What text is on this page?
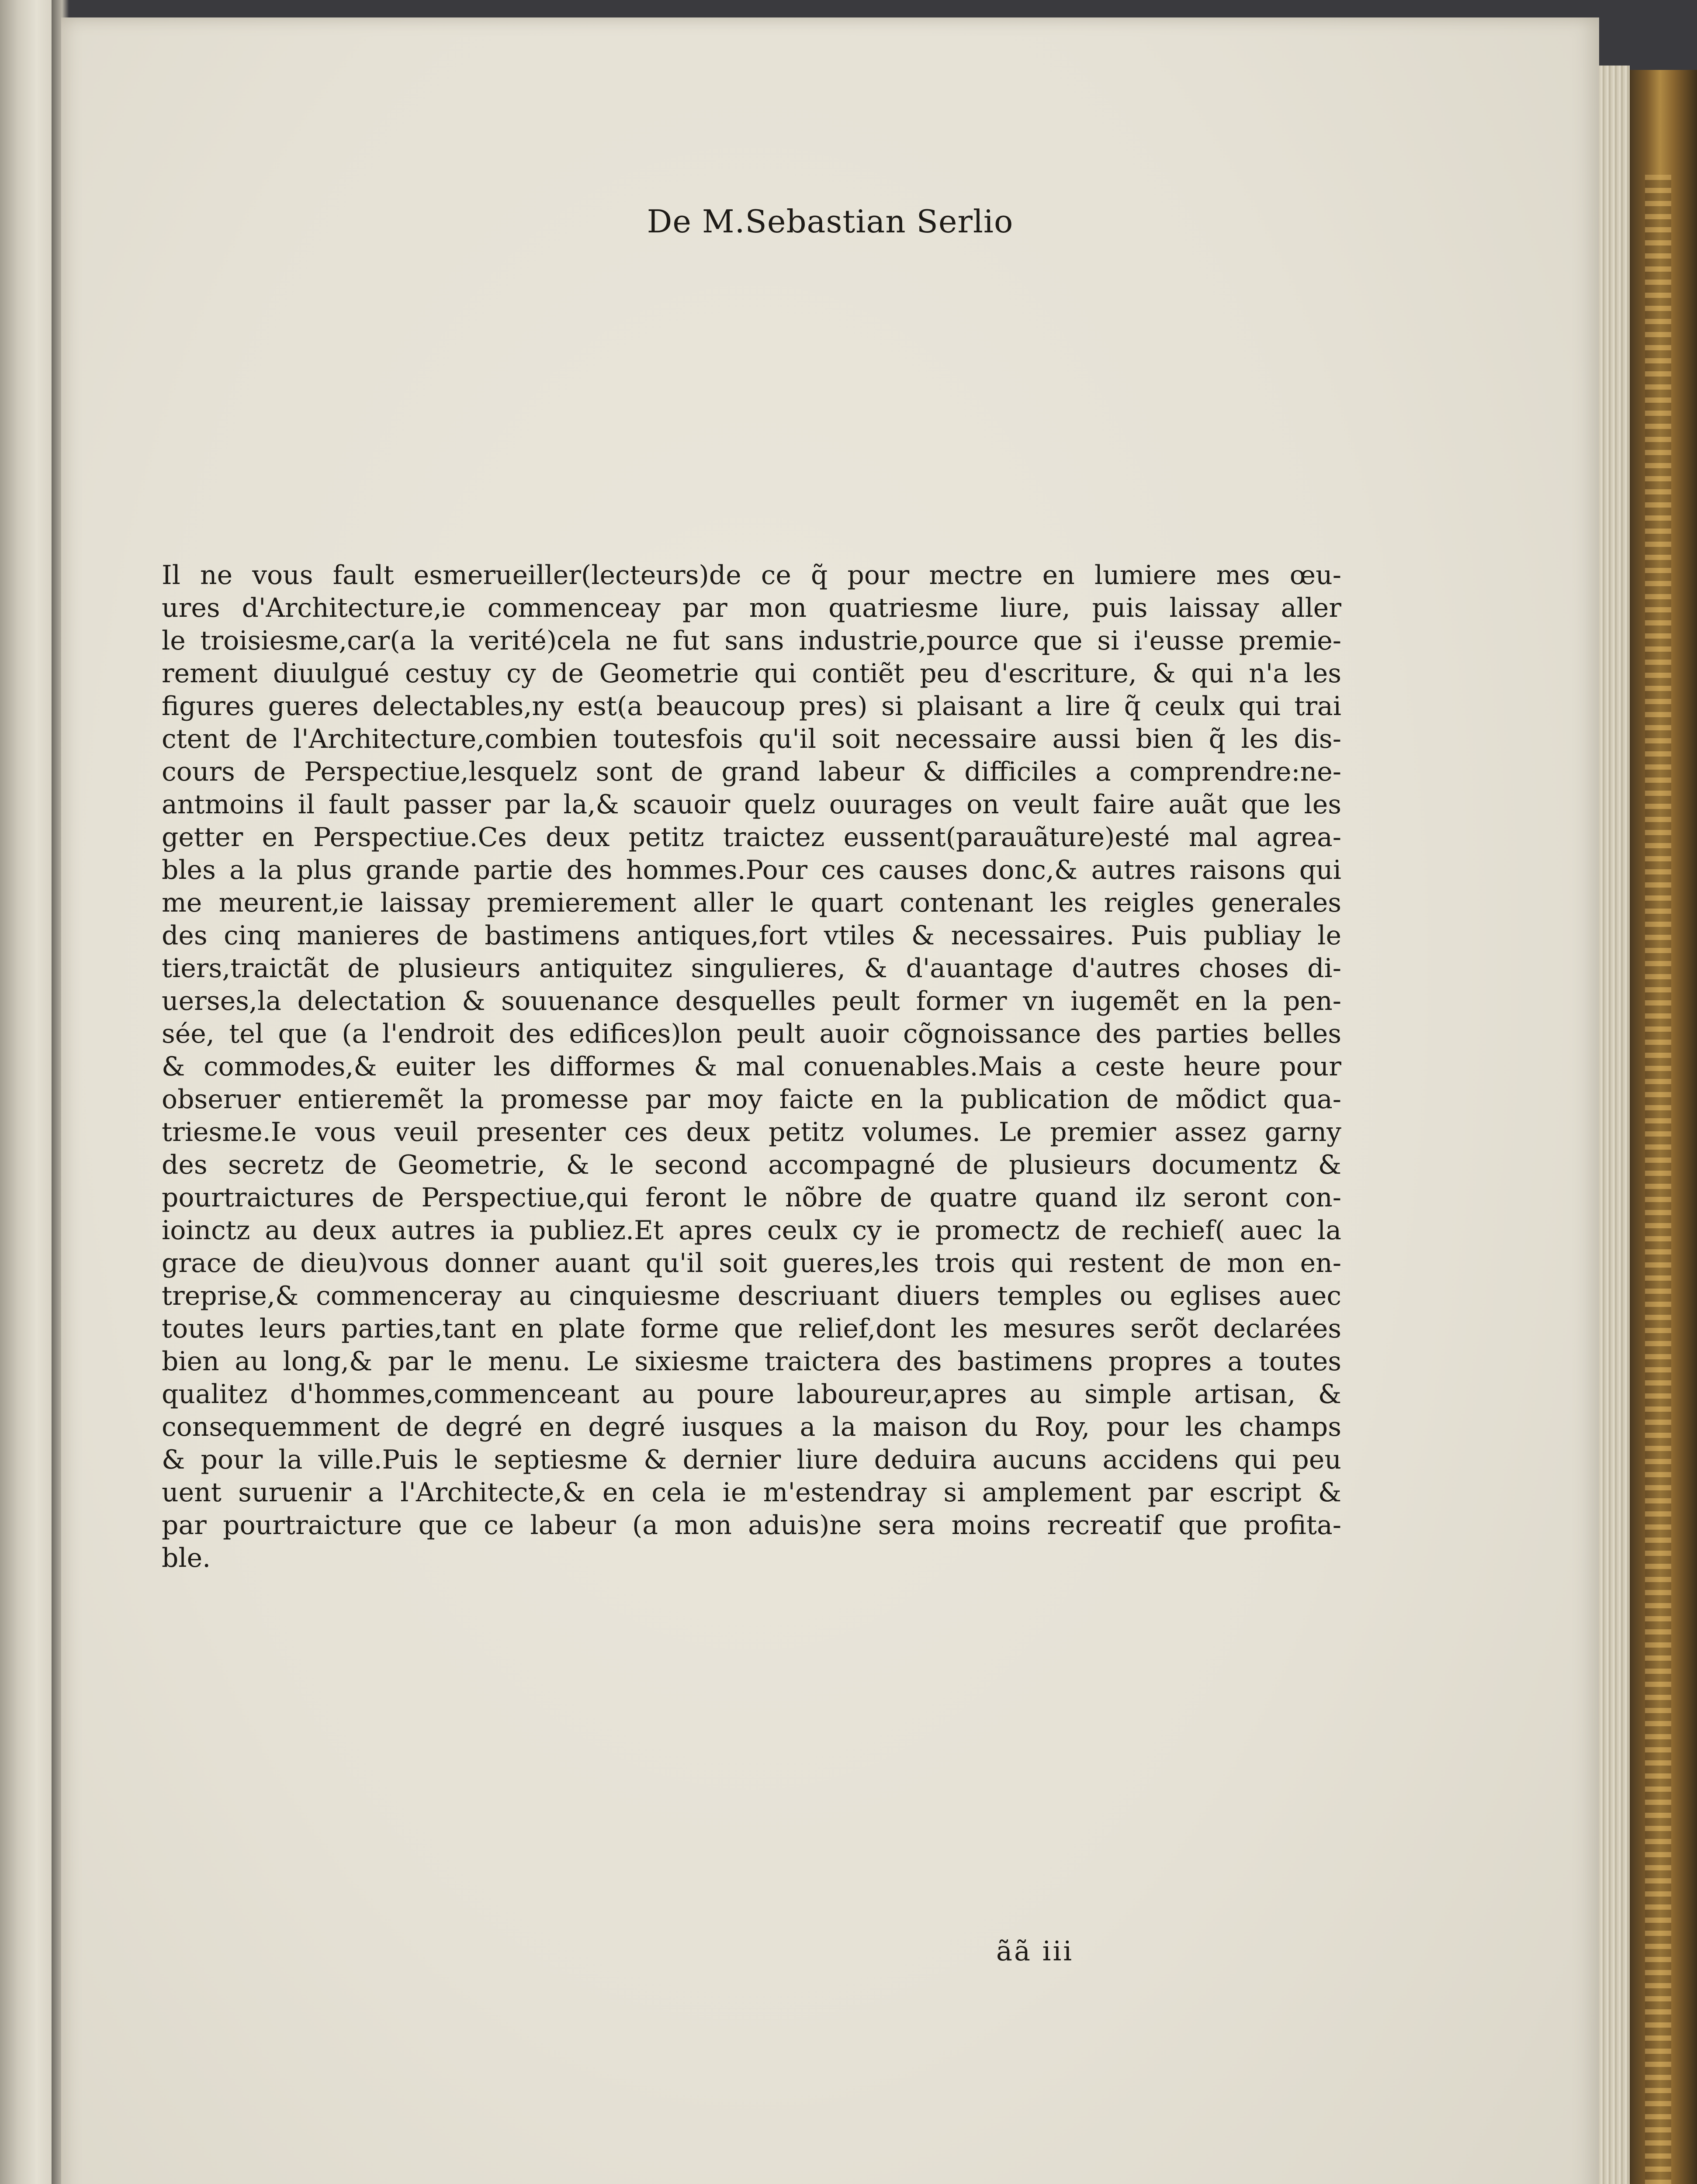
De M.Sebastian Serlio
Il ne vous fault esmerueiller(lecteurs)de ce q̃ pour mectre en lumiere mes œu-
ures d'Architecture,ie commenceay par mon quatriesme liure, puis laissay aller
le troisiesme,car(a la verité)cela ne fut sans industrie,pource que si i'eusse premie-
rement diuulgué cestuy cy de Geometrie qui contiẽt peu d'escriture, & qui n'a les
figures gueres delectables,ny est(a beaucoup pres) si plaisant a lire q̃ ceulx qui trai
ctent de l'Architecture,combien toutesfois qu'il soit necessaire aussi bien q̃ les dis-
cours de Perspectiue,lesquelz sont de grand labeur & difficiles a comprendre:ne-
antmoins il fault passer par la,& scauoir quelz ouurages on veult faire auãt que les
getter en Perspectiue.Ces deux petitz traictez eussent(parauãture)esté mal agrea-
bles a la plus grande partie des hommes.Pour ces causes donc,& autres raisons qui
me meurent,ie laissay premierement aller le quart contenant les reigles generales
des cinq manieres de bastimens antiques,fort vtiles & necessaires. Puis publiay le
tiers,traictãt de plusieurs antiquitez singulieres, & d'auantage d'autres choses di-
uerses,la delectation & souuenance desquelles peult former vn iugemẽt en la pen-
sée, tel que (a l'endroit des edifices)lon peult auoir cõgnoissance des parties belles
& commodes,& euiter les difformes & mal conuenables.Mais a ceste heure pour
obseruer entieremẽt la promesse par moy faicte en la publication de mõdict qua-
triesme.Ie vous veuil presenter ces deux petitz volumes. Le premier assez garny
des secretz de Geometrie, & le second accompagné de plusieurs documentz &
pourtraictures de Perspectiue,qui feront le nõbre de quatre quand ilz seront con-
ioinctz au deux autres ia publiez.Et apres ceulx cy ie promectz de rechief( auec la
grace de dieu)vous donner auant qu'il soit gueres,les trois qui restent de mon en-
treprise,& commenceray au cinquiesme descriuant diuers temples ou eglises auec
toutes leurs parties,tant en plate forme que relief,dont les mesures serõt declarées
bien au long,& par le menu. Le sixiesme traictera des bastimens propres a toutes
qualitez d'hommes,commenceant au poure laboureur,apres au simple artisan, &
consequemment de degré en degré iusques a la maison du Roy, pour les champs
& pour la ville.Puis le septiesme & dernier liure deduira aucuns accidens qui peu
uent suruenir a l'Architecte,& en cela ie m'estendray si amplement par escript &
par pourtraicture que ce labeur (a mon aduis)ne sera moins recreatif que profita-
ble.

ãã iii
